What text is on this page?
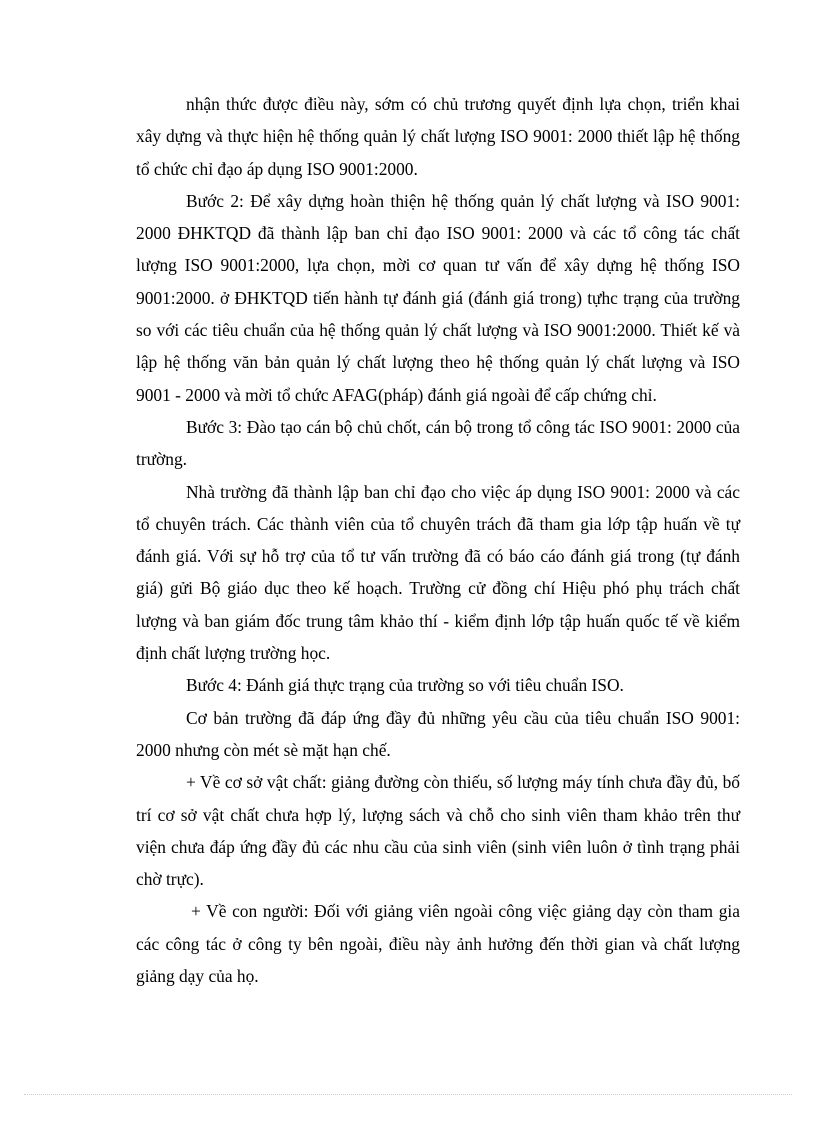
nhận thức được điều này, sớm có chủ trương quyết định lựa chọn, triển khai xây dựng và thực hiện hệ thống quản lý chất lượng ISO 9001: 2000 thiết lập hệ thống tổ chức chỉ đạo áp dụng ISO 9001:2000.

Bước 2: Để xây dựng hoàn thiện hệ thống quản lý chất lượng và ISO 9001: 2000 ĐHKTQD đã thành lập ban chỉ đạo ISO 9001: 2000 và các tổ công tác chất lượng ISO 9001:2000, lựa chọn, mời cơ quan tư vấn để xây dựng hệ thống ISO 9001:2000. ở ĐHKTQD tiến hành tự đánh giá (đánh giá trong) tựhc trạng của trường so với các tiêu chuẩn của hệ thống quản lý chất lượng và ISO 9001:2000. Thiết kế và lập hệ thống văn bản quản lý chất lượng theo hệ thống quản lý chất lượng và ISO 9001 - 2000 và mời tổ chức AFAG(pháp) đánh giá ngoài để cấp chứng chỉ.

Bước 3: Đào tạo cán bộ chủ chốt, cán bộ trong tổ công tác ISO 9001: 2000 của trường.

Nhà trường đã thành lập ban chỉ đạo cho việc áp dụng ISO 9001: 2000 và các tổ chuyên trách. Các thành viên của tổ chuyên trách đã tham gia lớp tập huấn về tự đánh giá. Với sự hỗ trợ của tổ tư vấn trường đã có báo cáo đánh giá trong (tự đánh giá) gửi Bộ giáo dục theo kế hoạch. Trường cử đồng chí Hiệu phó phụ trách chất lượng và ban giám đốc trung tâm khảo thí - kiểm định lớp tập huấn quốc tế về kiểm định chất lượng trường học.

Bước 4: Đánh giá thực trạng của trường so với tiêu chuẩn ISO.

Cơ bản trường đã đáp ứng đầy đủ những yêu cầu của tiêu chuẩn ISO 9001: 2000 nhưng còn mét sè mặt hạn chế.

+ Về cơ sở vật chất: giảng đường còn thiếu, số lượng máy tính chưa đầy đủ, bố trí cơ sở vật chất chưa hợp lý, lượng sách và chỗ cho sinh viên tham khảo trên thư viện chưa đáp ứng đầy đủ các nhu cầu của sinh viên (sinh viên luôn ở tình trạng phải chờ trực).

+ Về con người: Đối với giảng viên ngoài công việc giảng dạy còn tham gia các công tác ở công ty bên ngoài, điều này ảnh hưởng đến thời gian và chất lượng giảng dạy của họ.
